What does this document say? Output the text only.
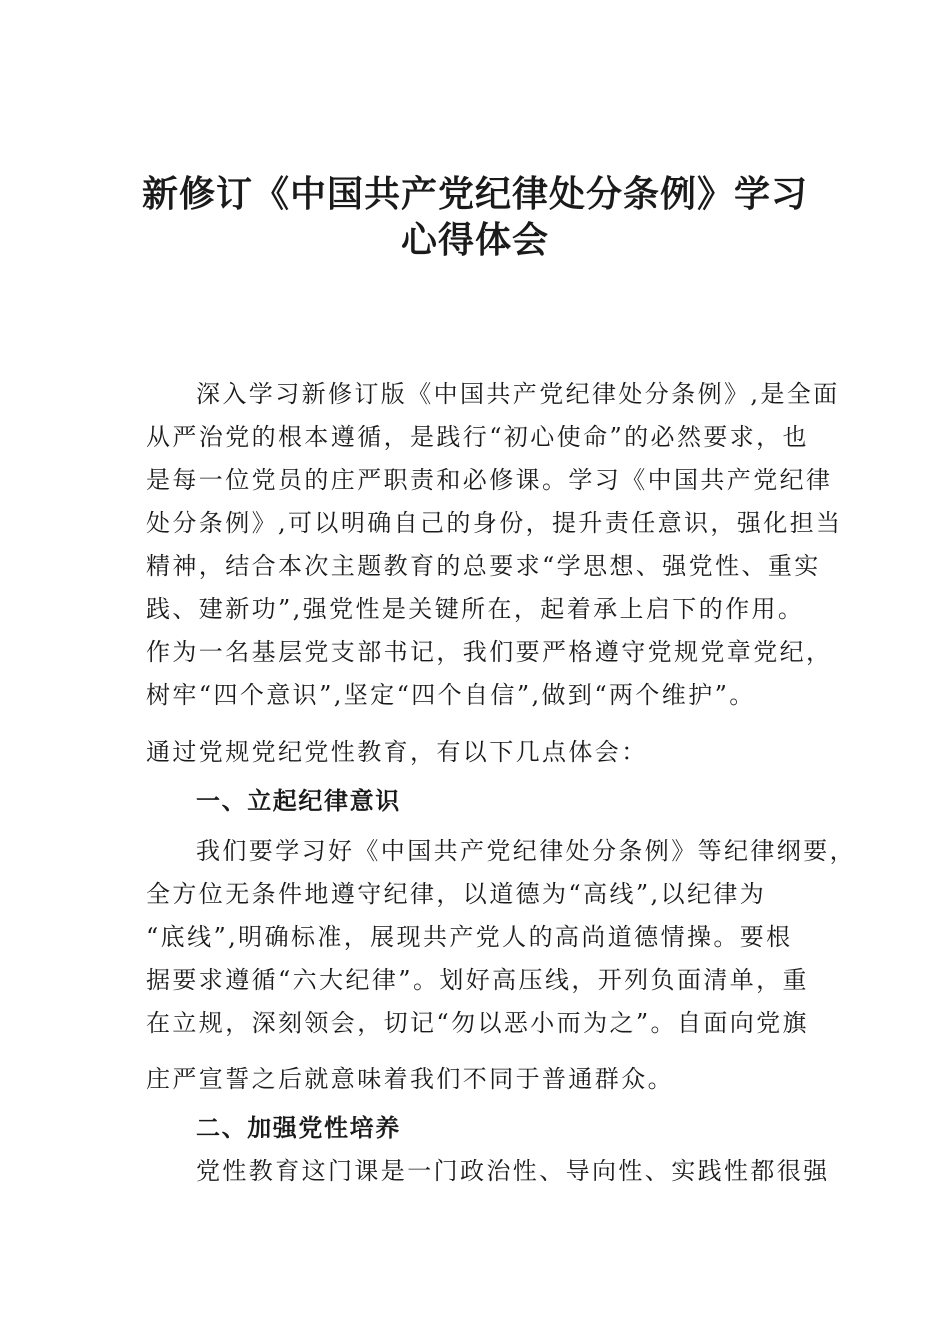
新修订《中国共产党纪律处分条例》学习
心得体会
深入学习新修订版《中国共产党纪律处分条例》,是全面
从严治党的根本遵循，是践行“初心使命”的必然要求，也
是每一位党员的庄严职责和必修课。学习《中国共产党纪律
处分条例》,可以明确自己的身份，提升责任意识，强化担当
精神，结合本次主题教育的总要求“学思想、强党性、重实
践、建新功”,强党性是关键所在，起着承上启下的作用。
作为一名基层党支部书记，我们要严格遵守党规党章党纪，
树牢“四个意识”,坚定“四个自信”,做到“两个维护”。
通过党规党纪党性教育，有以下几点体会：
一、立起纪律意识
我们要学习好《中国共产党纪律处分条例》等纪律纲要，
全方位无条件地遵守纪律，以道德为“高线”,以纪律为
“底线”,明确标准，展现共产党人的高尚道德情操。要根
据要求遵循“六大纪律”。划好高压线，开列负面清单，重
在立规，深刻领会，切记“勿以恶小而为之”。自面向党旗
庄严宣誓之后就意味着我们不同于普通群众。
二、加强党性培养
党性教育这门课是一门政治性、导向性、实践性都很强
